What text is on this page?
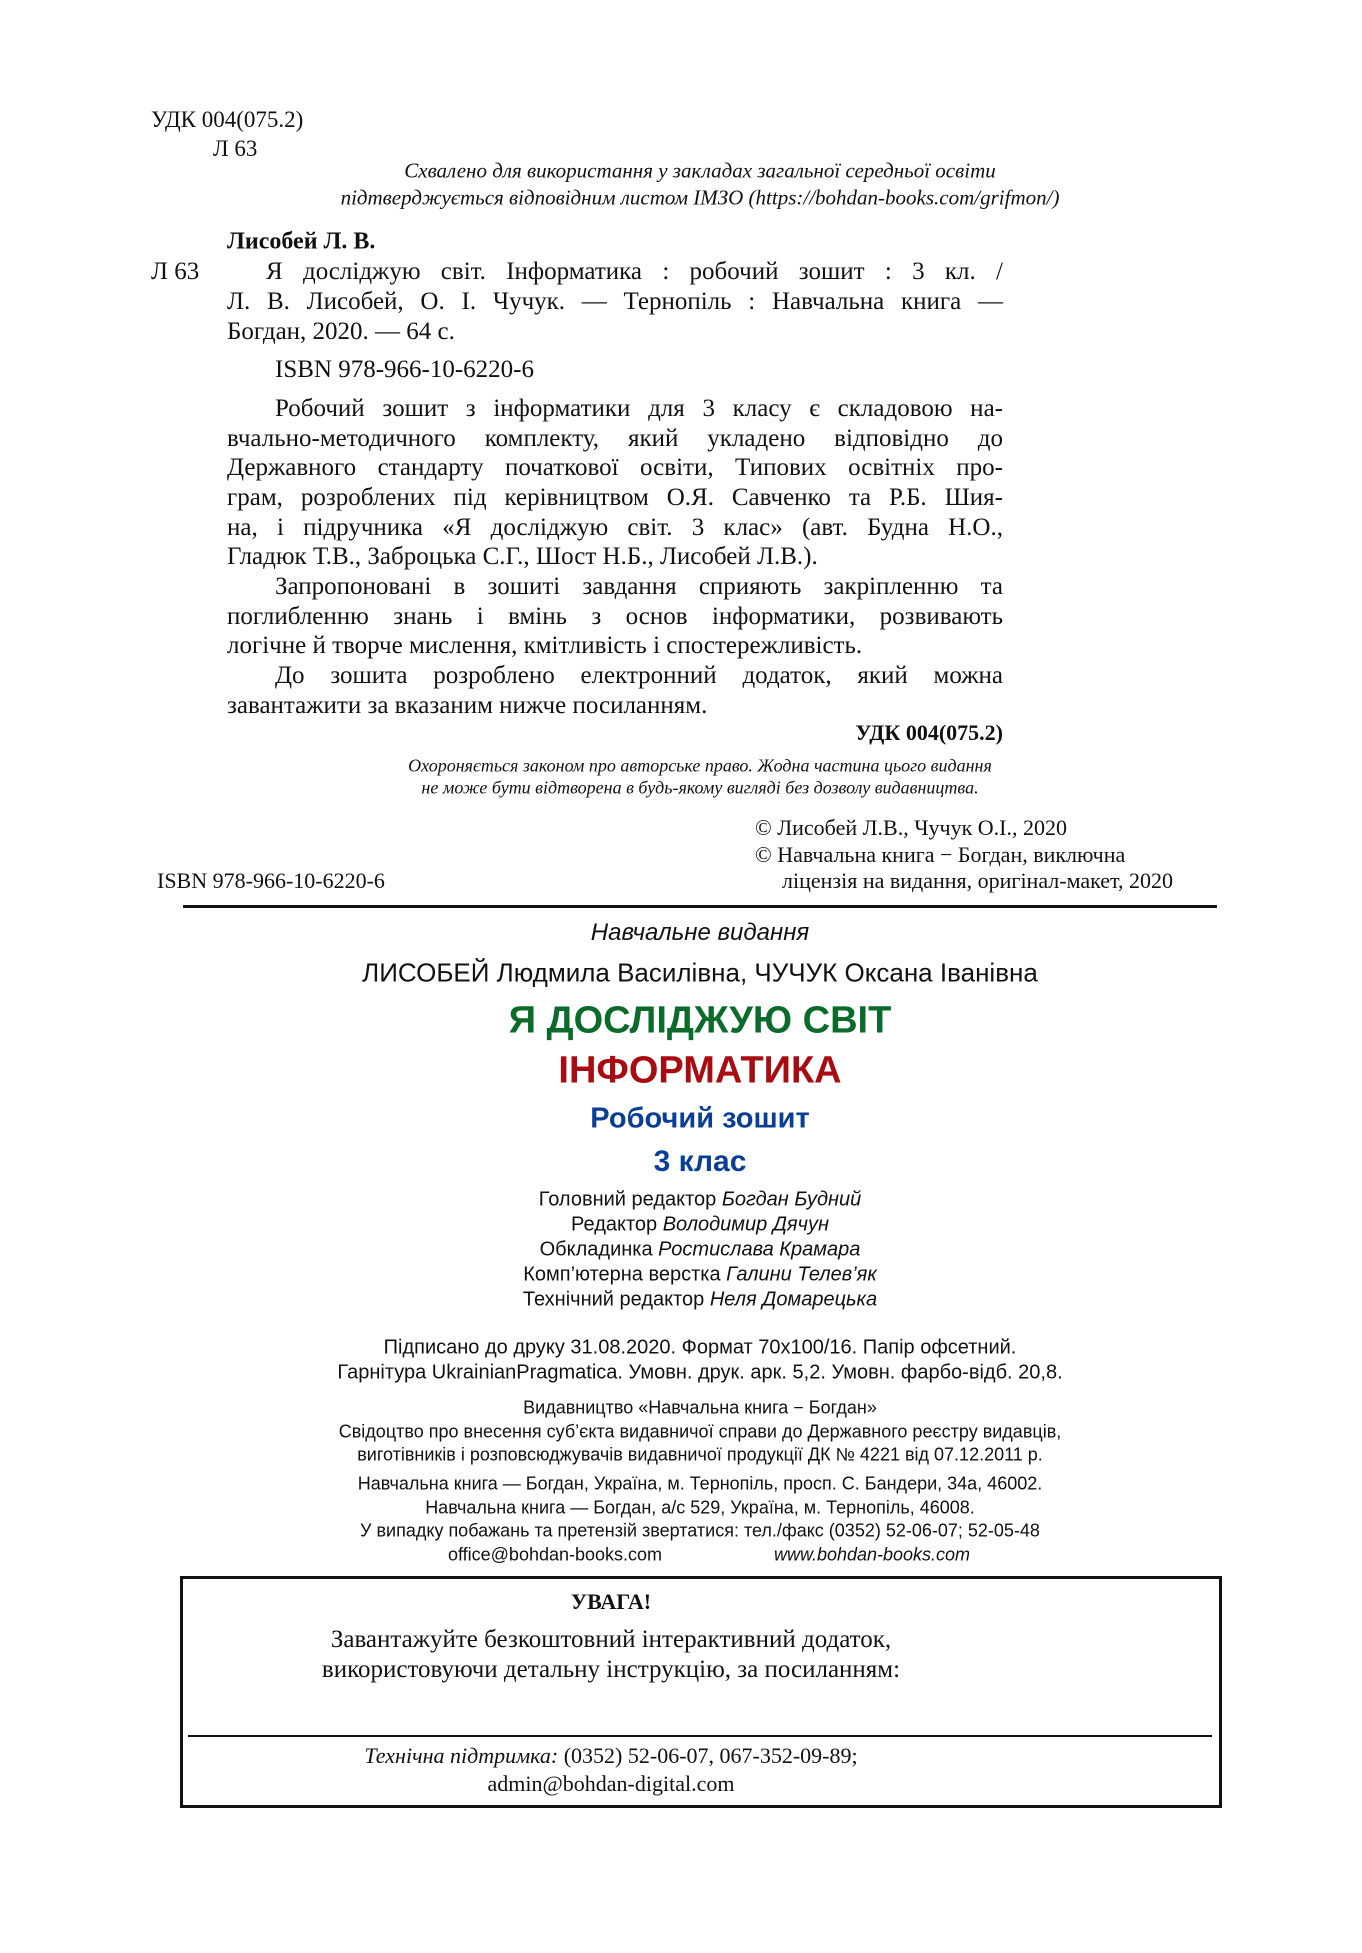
УДК 004(075.2)
Л 63
Схвалено для використання у закладах загальної середньої освіти
підтверджується відповідним листом ІМЗО (https://bohdan-books.com/grifmon/)
Лисобей Л. В.
Л 63	Я досліджую світ. Інформатика : робочий зошит : 3 кл. /
Л. В. Лисобей, О. І. Чучук. — Тернопіль : Навчальна книга —
Богдан, 2020. — 64 с.
ISBN 978-966-10-6220-6
Робочий зошит з інформатики для 3 класу є складовою на-
вчально-методичного комплекту, який укладено відповідно до
Державного стандарту початкової освіти, Типових освітніх про-
грам, розроблених під керівництвом О.Я. Савченко та Р.Б. Шия-
на, і підручника «Я досліджую світ. 3 клас» (авт. Будна Н.О.,
Гладюк Т.В., Заброцька С.Г., Шост Н.Б., Лисобей Л.В.).
Запропоновані в зошиті завдання сприяють закріпленню та
поглибленню знань і вмінь з основ інформатики, розвивають
логічне й творче мислення, кмітливість і спостережливість.
До зошита розроблено електронний додаток, який можна
завантажити за вказаним нижче посиланням.
УДК 004(075.2)
Охороняється законом про авторське право. Жодна частина цього видання
не може бути відтворена в будь-якому вигляді без дозволу видавництва.
© Лисобей Л.В., Чучук О.І., 2020
© Навчальна книга − Богдан, виключна
ліцензія на видання, оригінал-макет, 2020
ISBN 978-966-10-6220-6
Навчальне видання
ЛИСОБЕЙ Людмила Василівна, ЧУЧУК Оксана Іванівна
Я ДОСЛІДЖУЮ СВІТ
ІНФОРМАТИКА
Робочий зошит
3 клас
Головний редактор Богдан Будний
Редактор Володимир Дячун
Обкладинка Ростислава Крамара
Комп’ютерна верстка Галини Телев’як
Технічний редактор Неля Домарецька
Підписано до друку 31.08.2020. Формат 70х100/16. Папір офсетний.
Гарнітура UkrainianPragmatica. Умовн. друк. арк. 5,2. Умовн. фарбо-відб. 20,8.
Видавництво «Навчальна книга − Богдан»
Свідоцтво про внесення суб’єкта видавничої справи до Державного реєстру видавців,
виготівників і розповсюджувачів видавничої продукції ДК № 4221 від 07.12.2011 р.
Навчальна книга — Богдан, Україна, м. Тернопіль, просп. С. Бандери, 34а, 46002.
Навчальна книга — Богдан, а/с 529, Україна, м. Тернопіль, 46008.
У випадку побажань та претензій звертатися: тел./факс (0352) 52-06-07; 52-05-48
office@bohdan-books.com	www.bohdan-books.com
УВАГА!
Завантажуйте безкоштовний інтерактивний додаток,
використовуючи детальну інструкцію, за посиланням:
Технічна підтримка: (0352) 52-06-07, 067-352-09-89;
admin@bohdan-digital.com
